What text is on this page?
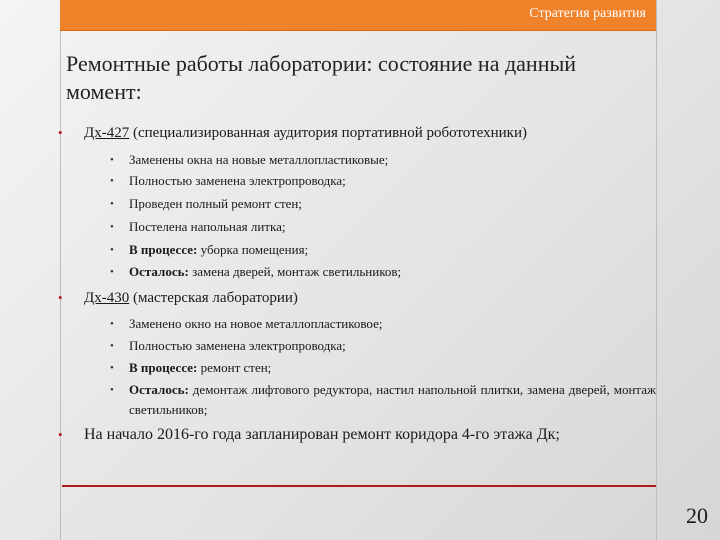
Стратегия развития
Ремонтные работы лаборатории: состояние на данный момент:
• Дх-427 (специализированная аудитория портативной робототехники)
• Заменены окна на новые металлопластиковые;
• Полностью заменена электропроводка;
• Проведен полный ремонт стен;
• Постелена напольная литка;
• В процессе: уборка помещения;
• Осталось: замена дверей, монтаж светильников;
• Дх-430 (мастерская лаборатории)
• Заменено окно на новое металлопластиковое;
• Полностью заменена электропроводка;
• В процессе: ремонт стен;
• Осталось: демонтаж лифтового редуктора, настил напольной плитки, замена дверей, монтаж светильников;
• На начало 2016-го года запланирован ремонт коридора 4-го этажа Дк;
20
